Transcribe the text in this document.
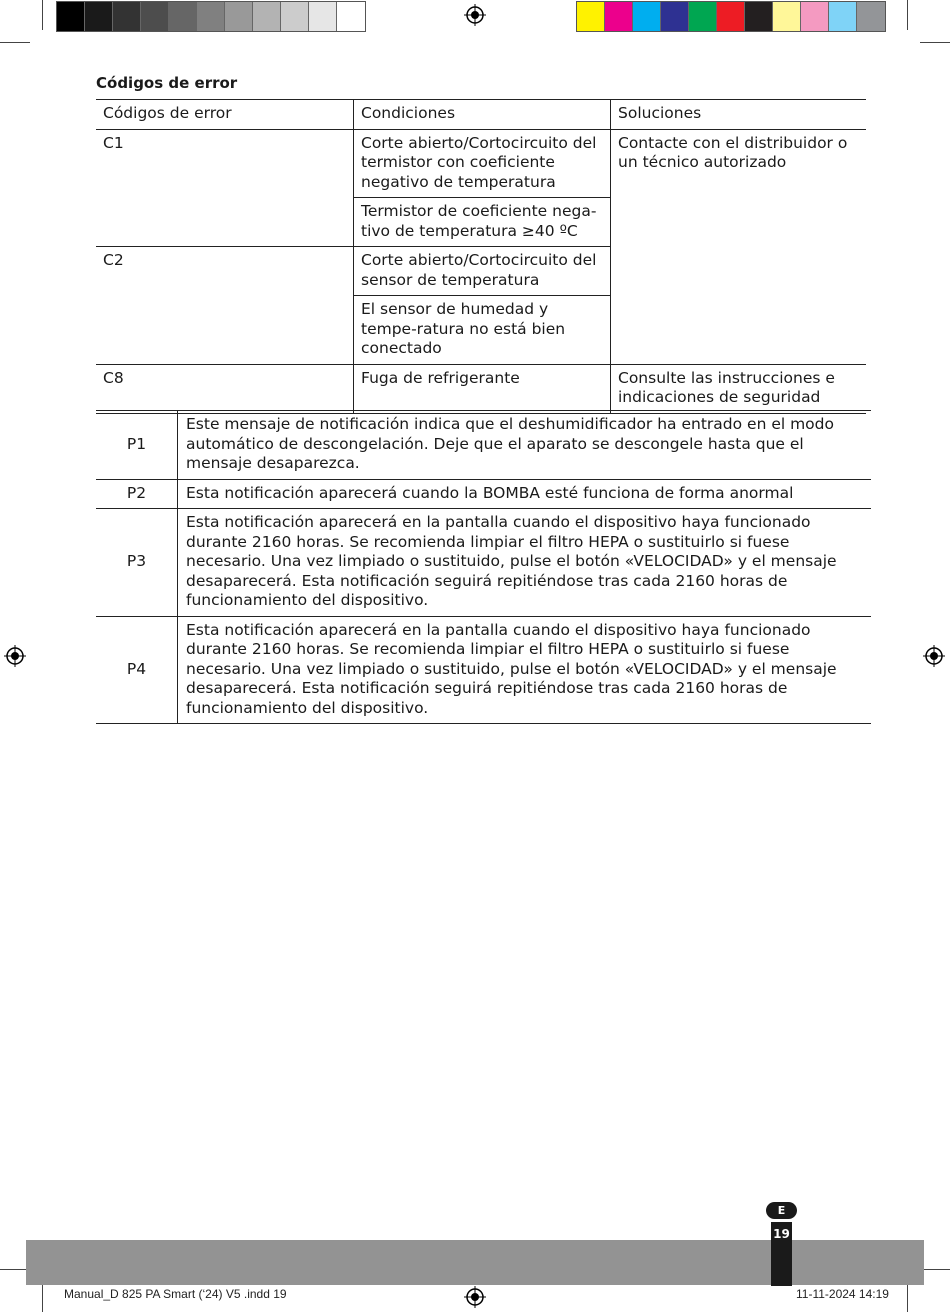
Códigos de error
Códigos de error	Condiciones	Soluciones
C1	Corte abierto/Cortocircuito del termistor con coeficiente negativo de temperatura	Contacte con el distribuidor o un técnico autorizado
	Termistor de coeficiente nega-tivo de temperatura ≥40 ºC	
C2	Corte abierto/Cortocircuito del sensor de temperatura	
	El sensor de humedad y tempe-ratura no está bien conectado	
C8	Fuga de refrigerante	Consulte las instrucciones e indicaciones de seguridad
P1	Este mensaje de notificación indica que el deshumidificador ha entrado en el modo automático de descongelación. Deje que el aparato se descongele hasta que el mensaje desaparezca.
P2	Esta notificación aparecerá cuando la BOMBA esté funciona de forma anormal
P3	Esta notificación aparecerá en la pantalla cuando el dispositivo haya funcionado durante 2160 horas. Se recomienda limpiar el filtro HEPA o sustituirlo si fuese necesario. Una vez limpiado o sustituido, pulse el botón «VELOCIDAD» y el mensaje desaparecerá. Esta notificación seguirá repitiéndose tras cada 2160 horas de funcionamiento del dispositivo.
P4	Esta notificación aparecerá en la pantalla cuando el dispositivo haya funcionado durante 2160 horas. Se recomienda limpiar el filtro HEPA o sustituirlo si fuese necesario. Una vez limpiado o sustituido, pulse el botón «VELOCIDAD» y el mensaje desaparecerá. Esta notificación seguirá repitiéndose tras cada 2160 horas de funcionamiento del dispositivo.
E
19
Manual_D 825 PA Smart (‘24) V5 .indd 19	11-11-2024 14:19
